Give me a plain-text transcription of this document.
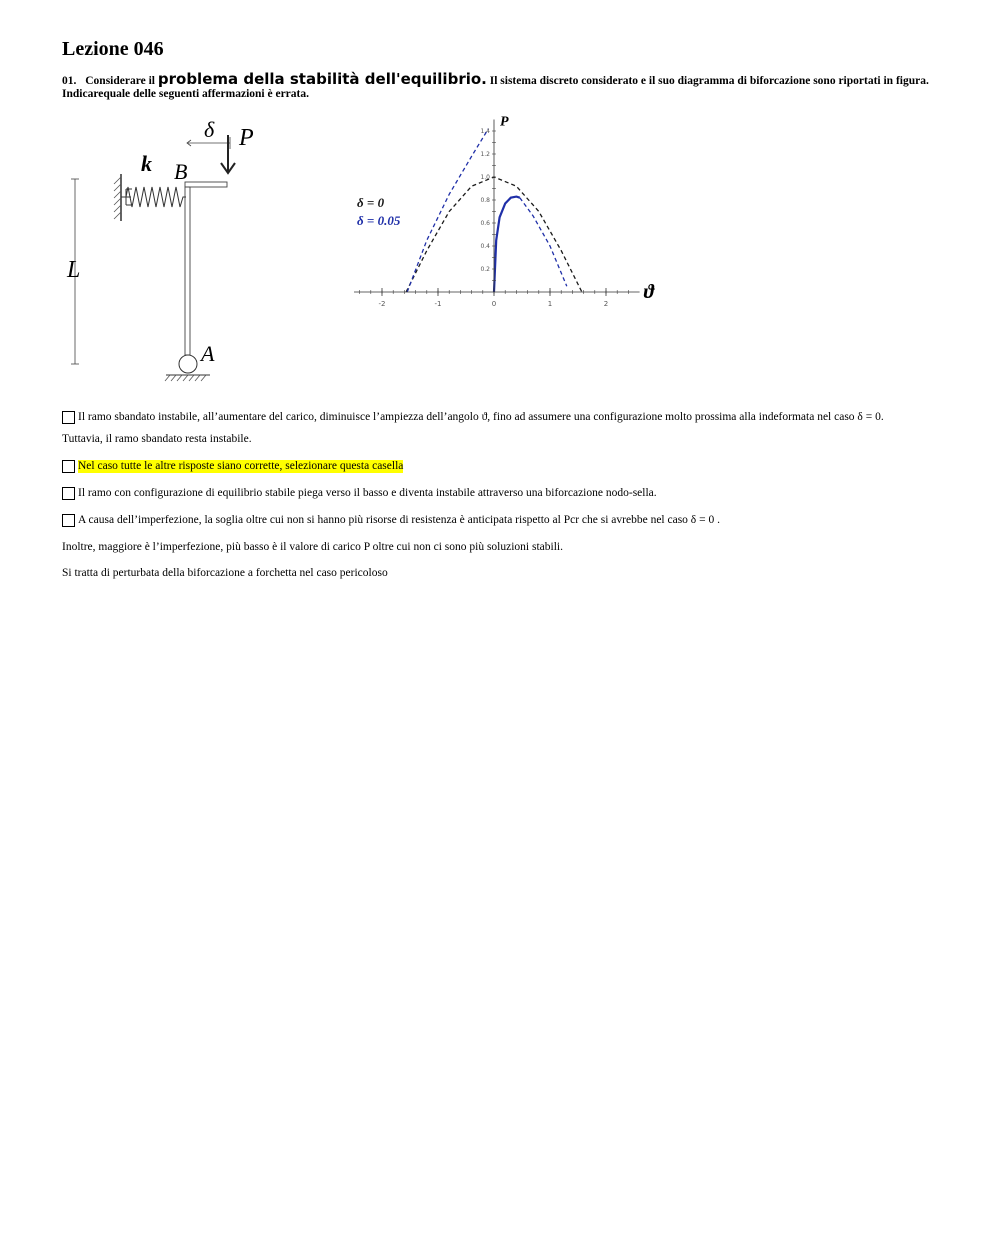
Lezione 046

01. Considerare il problema della stabilità dell'equilibrio. Il sistema discreto considerato e il suo diagramma di biforcazione sono riportati in figura. Indicarequale delle seguenti affermazioni è errata.

L
k B
δ P
A
-2	-1	0	1	2
0.2
0.4
0.6
0.8
1.0
1.2
1.4
P
ϑ
δ = 0
δ = 0.05

Il ramo sbandato instabile, all’aumentare del carico, diminuisce l’ampiezza dell’angolo ϑ, fino ad assumere una configurazione molto prossima alla indeformata nel caso δ = 0.

Tuttavia, il ramo sbandato resta instabile.

Nel caso tutte le altre risposte siano corrette, selezionare questa casella

Il ramo con configurazione di equilibrio stabile piega verso il basso e diventa instabile attraverso una biforcazione nodo-sella.

A causa dell’imperfezione, la soglia oltre cui non si hanno più risorse di resistenza è anticipata rispetto al Pcr che si avrebbe nel caso δ = 0 .

Inoltre, maggiore è l’imperfezione, più basso è il valore di carico P oltre cui non ci sono più soluzioni stabili.

Si tratta di perturbata della biforcazione a forchetta nel caso pericoloso
